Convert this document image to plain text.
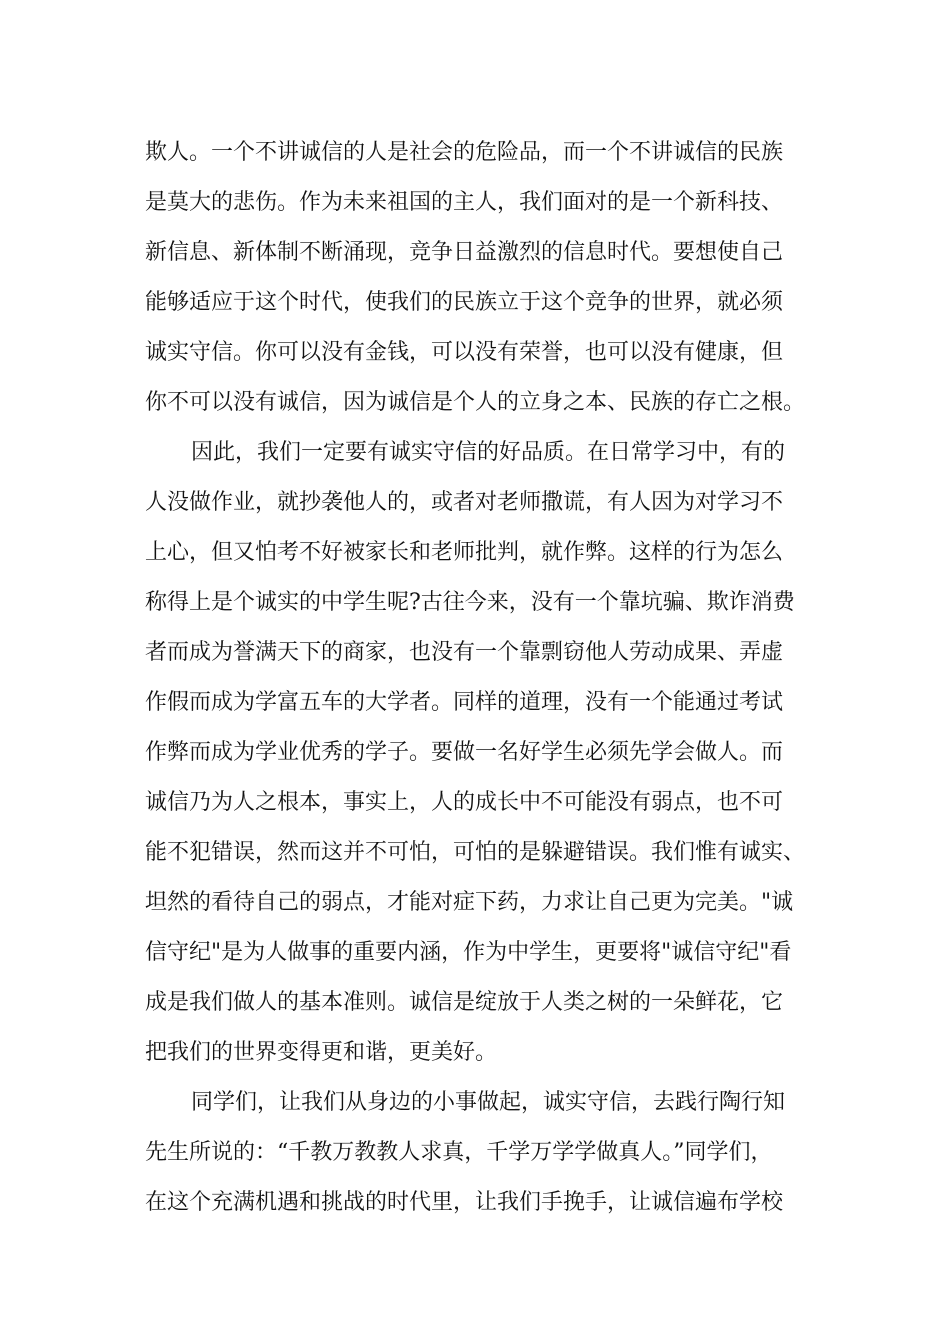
欺人。一个不讲诚信的人是社会的危险品，而一个不讲诚信的民族
是莫大的悲伤。作为未来祖国的主人，我们面对的是一个新科技、
新信息、新体制不断涌现，竞争日益激烈的信息时代。要想使自己
能够适应于这个时代，使我们的民族立于这个竞争的世界，就必须
诚实守信。你可以没有金钱，可以没有荣誉，也可以没有健康，但
你不可以没有诚信，因为诚信是个人的立身之本、民族的存亡之根。
因此，我们一定要有诚实守信的好品质。在日常学习中，有的
人没做作业，就抄袭他人的，或者对老师撒谎，有人因为对学习不
上心，但又怕考不好被家长和老师批判，就作弊。这样的行为怎么
称得上是个诚实的中学生呢?古往今来，没有一个靠坑骗、欺诈消费
者而成为誉满天下的商家，也没有一个靠剽窃他人劳动成果、弄虚
作假而成为学富五车的大学者。同样的道理，没有一个能通过考试
作弊而成为学业优秀的学子。要做一名好学生必须先学会做人。而
诚信乃为人之根本，事实上，人的成长中不可能没有弱点，也不可
能不犯错误，然而这并不可怕，可怕的是躲避错误。我们惟有诚实、
坦然的看待自己的弱点，才能对症下药，力求让自己更为完美。"诚
信守纪"是为人做事的重要内涵，作为中学生，更要将"诚信守纪"看
成是我们做人的基本准则。诚信是绽放于人类之树的一朵鲜花，它
把我们的世界变得更和谐，更美好。
同学们，让我们从身边的小事做起，诚实守信，去践行陶行知
先生所说的：“千教万教教人求真，千学万学学做真人。”同学们，
在这个充满机遇和挑战的时代里，让我们手挽手，让诚信遍布学校
